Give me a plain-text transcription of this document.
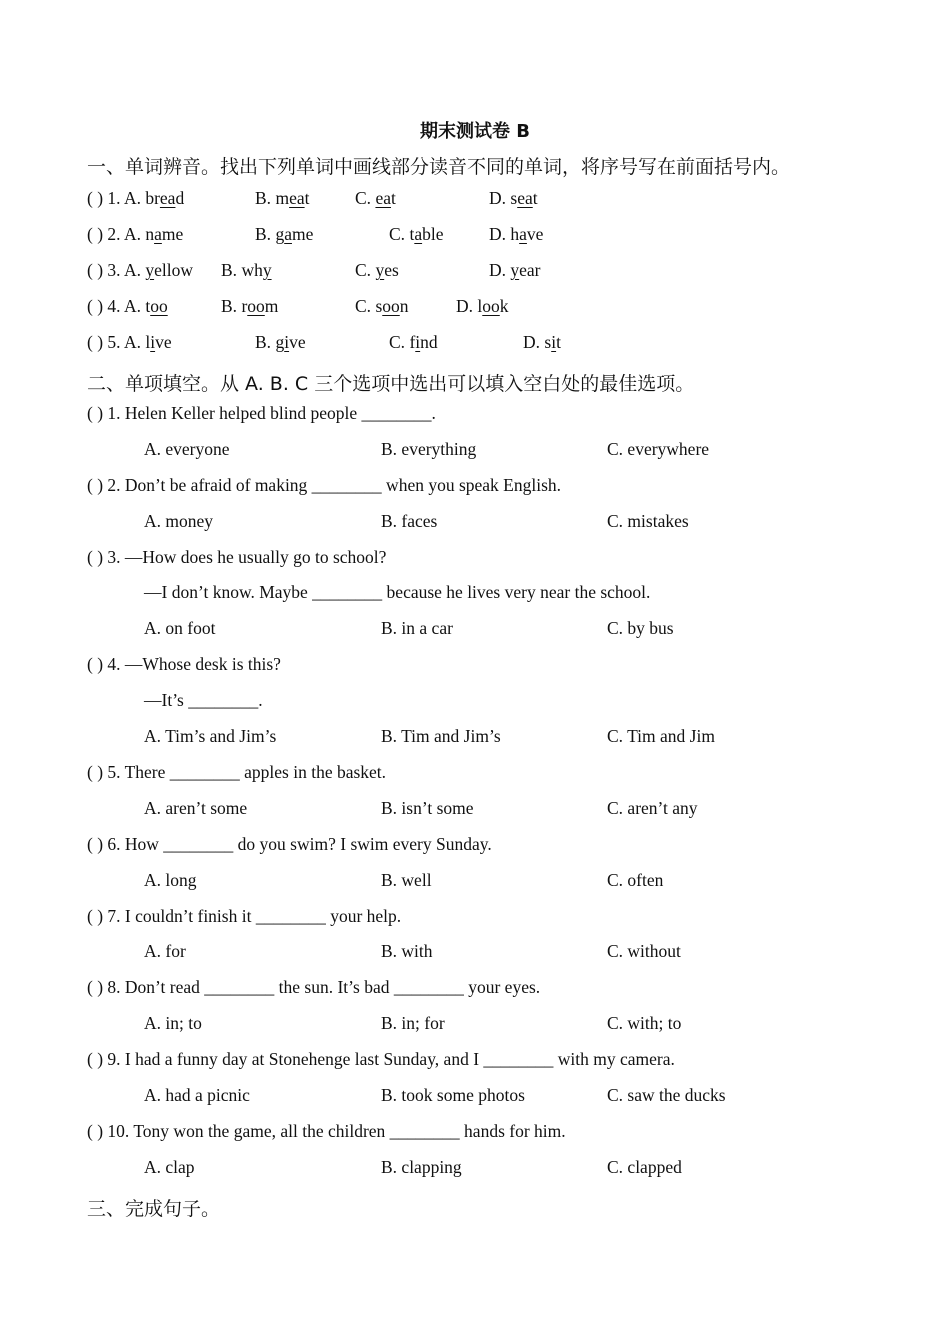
期末测试卷 B
一、单词辨音。找出下列单词中画线部分读音不同的单词，将序号写在前面括号内。
( ) 1. A. bread	B. meat	C. eat	D. seat
( ) 2. A. name	B. game	C. table	D. have
( ) 3. A. yellow B. why	C. yes	D. year
( ) 4. A. too	B. room	C. soon	D. look
( ) 5. A. live	B. give	C. find	D. sit
二、单项填空。从 A. B. C 三个选项中选出可以填入空白处的最佳选项。
( ) 1. Helen Keller helped blind people ________.
A. everyone	B. everything	C. everywhere
( ) 2. Don’t be afraid of making ________ when you speak English.
A. money	B. faces	C. mistakes
( ) 3. —How does he usually go to school?
—I don’t know. Maybe ________ because he lives very near the school.
A. on foot	B. in a car	C. by bus
( ) 4. —Whose desk is this?
—It’s ________.
A. Tim’s and Jim’s	B. Tim and Jim’s	C. Tim and Jim
( ) 5. There ________ apples in the basket.
A. aren’t some	B. isn’t some	C. aren’t any
( ) 6. How ________ do you swim? I swim every Sunday.
A. long	B. well	C. often
( ) 7. I couldn’t finish it ________ your help.
A. for	B. with	C. without
( ) 8. Don’t read ________ the sun. It’s bad ________ your eyes.
A. in; to	B. in; for	C. with; to
( ) 9. I had a funny day at Stonehenge last Sunday, and I ________ with my camera.
A. had a picnic	B. took some photos	C. saw the ducks
( ) 10. Tony won the game, all the children ________ hands for him.
A. clap	B. clapping	C. clapped
三、完成句子。
